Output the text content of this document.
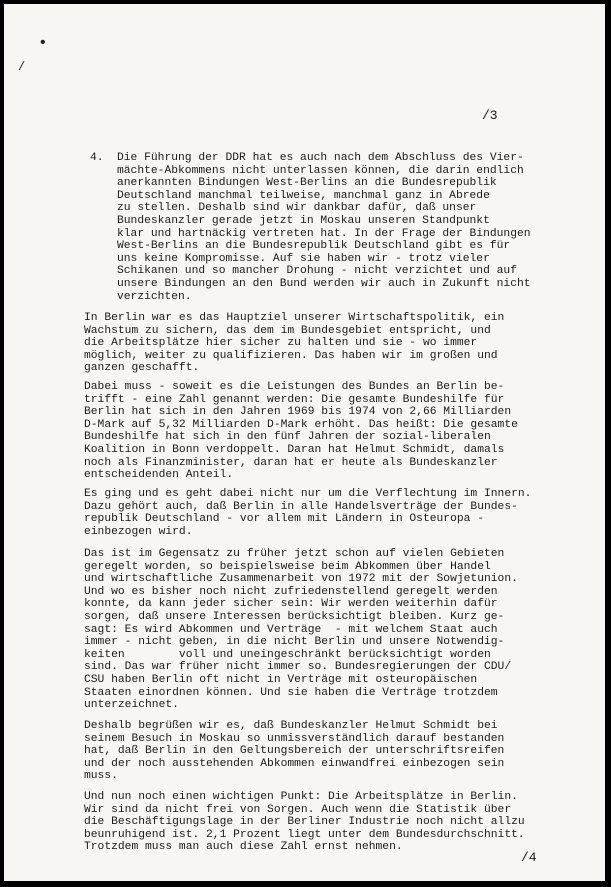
•
/
/3
4. Die Führung der DDR hat es auch nach dem Abschluss des Vier-
mächte-Abkommens nicht unterlassen können, die darin endlich
anerkannten Bindungen West-Berlins an die Bundesrepublik
Deutschland manchmal teilweise, manchmal ganz in Abrede
zu stellen. Deshalb sind wir dankbar dafür, daß unser
Bundeskanzler gerade jetzt in Moskau unseren Standpunkt
klar und hartnäckig vertreten hat. In der Frage der Bindungen
West-Berlins an die Bundesrepublik Deutschland gibt es für
uns keine Kompromisse. Auf sie haben wir - trotz vieler
Schikanen und so mancher Drohung - nicht verzichtet und auf
unsere Bindungen an den Bund werden wir auch in Zukunft nicht
verzichten.
In Berlin war es das Hauptziel unserer Wirtschaftspolitik, ein
Wachstum zu sichern, das dem im Bundesgebiet entspricht, und
die Arbeitsplätze hier sicher zu halten und sie - wo immer
möglich, weiter zu qualifizieren. Das haben wir im großen und
ganzen geschafft.
Dabei muss - soweit es die Leistungen des Bundes an Berlin be-
trifft - eine Zahl genannt werden: Die gesamte Bundeshilfe für
Berlin hat sich in den Jahren 1969 bis 1974 von 2,66 Milliarden
D-Mark auf 5,32 Milliarden D-Mark erhöht. Das heißt: Die gesamte
Bundeshilfe hat sich in den fünf Jahren der sozial-liberalen
Koalition in Bonn verdoppelt. Daran hat Helmut Schmidt, damals
noch als Finanzminister, daran hat er heute als Bundeskanzler
entscheidenden Anteil.
Es ging und es geht dabei nicht nur um die Verflechtung im Innern.
Dazu gehört auch, daß Berlin in alle Handelsverträge der Bundes-
republik Deutschland - vor allem mit Ländern in Osteuropa -
einbezogen wird.
Das ist im Gegensatz zu früher jetzt schon auf vielen Gebieten
geregelt worden, so beispielsweise beim Abkommen über Handel
und wirtschaftliche Zusammenarbeit von 1972 mit der Sowjetunion.
Und wo es bisher noch nicht zufriedenstellend geregelt werden
konnte, da kann jeder sicher sein: Wir werden weiterhin dafür
sorgen, daß unsere Interessen berücksichtigt bleiben. Kurz ge-
sagt: Es wird Abkommen und Verträge  - mit welchem Staat auch
immer - nicht geben, in die nicht Berlin und unsere Notwendig-
keiten        voll und uneingeschränkt berücksichtigt worden
sind. Das war früher nicht immer so. Bundesregierungen der CDU/
CSU haben Berlin oft nicht in Verträge mit osteuropäischen
Staaten einordnen können. Und sie haben die Verträge trotzdem
unterzeichnet.
Deshalb begrüßen wir es, daß Bundeskanzler Helmut Schmidt bei
seinem Besuch in Moskau so unmissverständlich darauf bestanden
hat, daß Berlin in den Geltungsbereich der unterschriftsreifen
und der noch ausstehenden Abkommen einwandfrei einbezogen sein
muss.
Und nun noch einen wichtigen Punkt: Die Arbeitsplätze in Berlin.
Wir sind da nicht frei von Sorgen. Auch wenn die Statistik über
die Beschäftigungslage in der Berliner Industrie noch nicht allzu
beunruhigend ist. 2,1 Prozent liegt unter dem Bundesdurchschnitt.
Trotzdem muss man auch diese Zahl ernst nehmen.
/4
